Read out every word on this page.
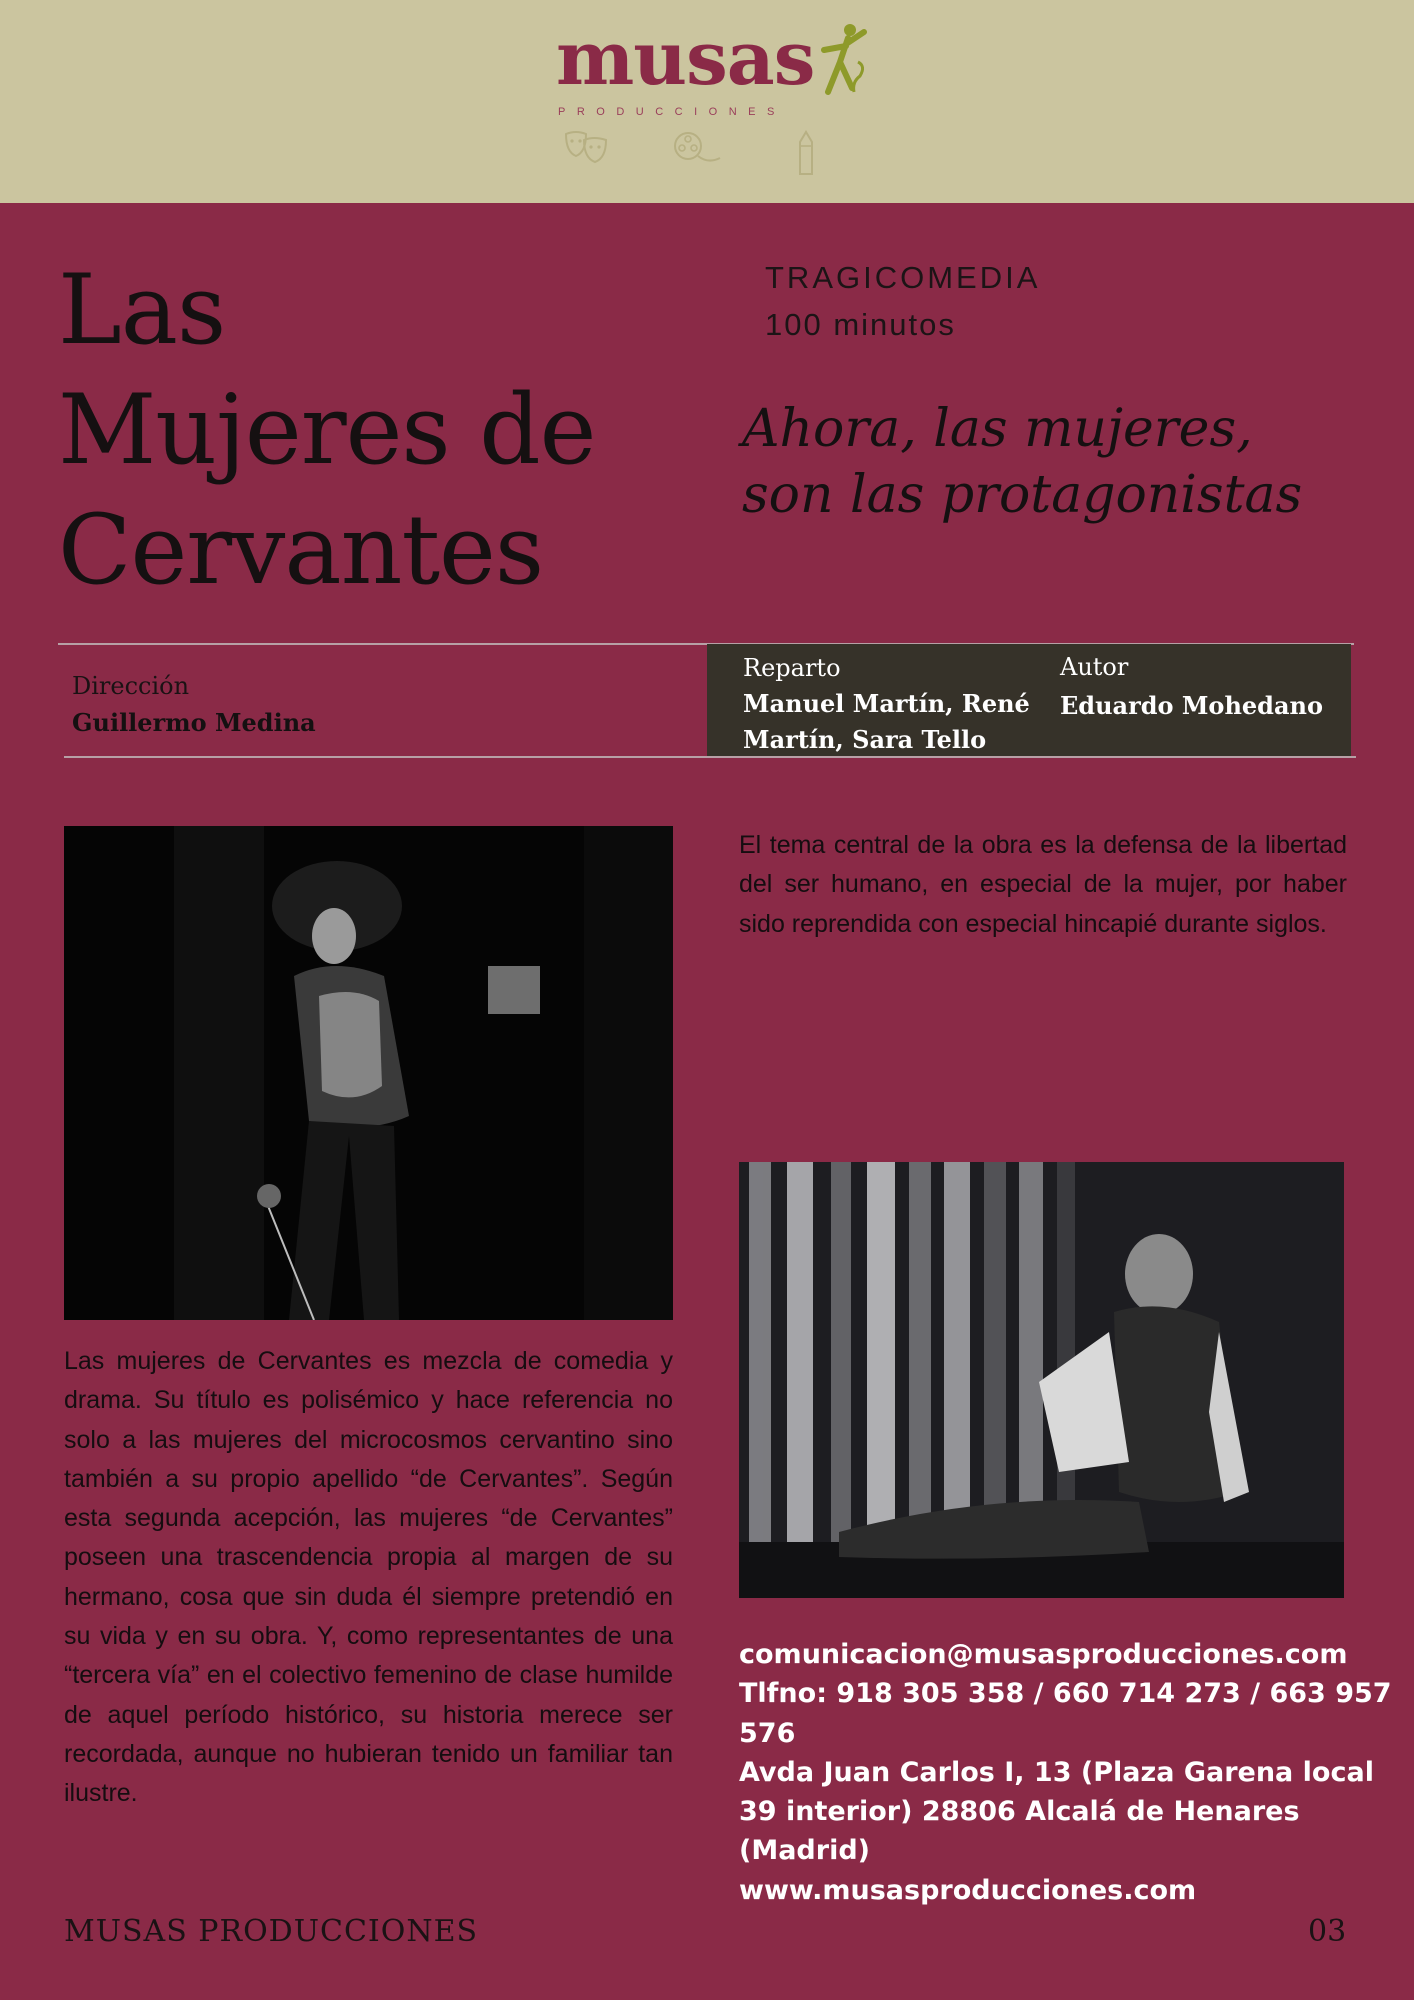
musas
PRODUCCIONES
Las
Mujeres de
Cervantes
TRAGICOMEDIA
100 minutos
Ahora, las mujeres,
son las protagonistas
Dirección
Guillermo Medina
Reparto
Manuel Martín, René
Martín, Sara Tello
Autor
Eduardo Mohedano

El tema central de la obra es la defensa de la libertad del ser humano, en especial de la mujer, por haber sido reprendida con especial hincapié durante siglos.

comunicacion@musasproducciones.com
Tlfno: 918 305 358 / 660 714 273 / 663 957 576
Avda Juan Carlos I, 13 (Plaza Garena local 39 interior) 28806 Alcalá de Henares (Madrid)
www.musasproducciones.com
MUSAS PRODUCCIONES	03

Las mujeres de Cervantes es mezcla de comedia y drama. Su título es polisémico y hace referencia no solo a las mujeres del microcosmos cervantino sino también a su propio apellido “de Cervantes”. Según esta segunda acepción, las mujeres “de Cervantes” poseen una trascendencia propia al margen de su hermano, cosa que sin duda él siempre pretendió en su vida y en su obra. Y, como representantes de una “tercera vía” en el colectivo femenino de clase humilde de aquel período histórico, su historia merece ser recordada, aunque no hubieran tenido un familiar tan ilustre.
